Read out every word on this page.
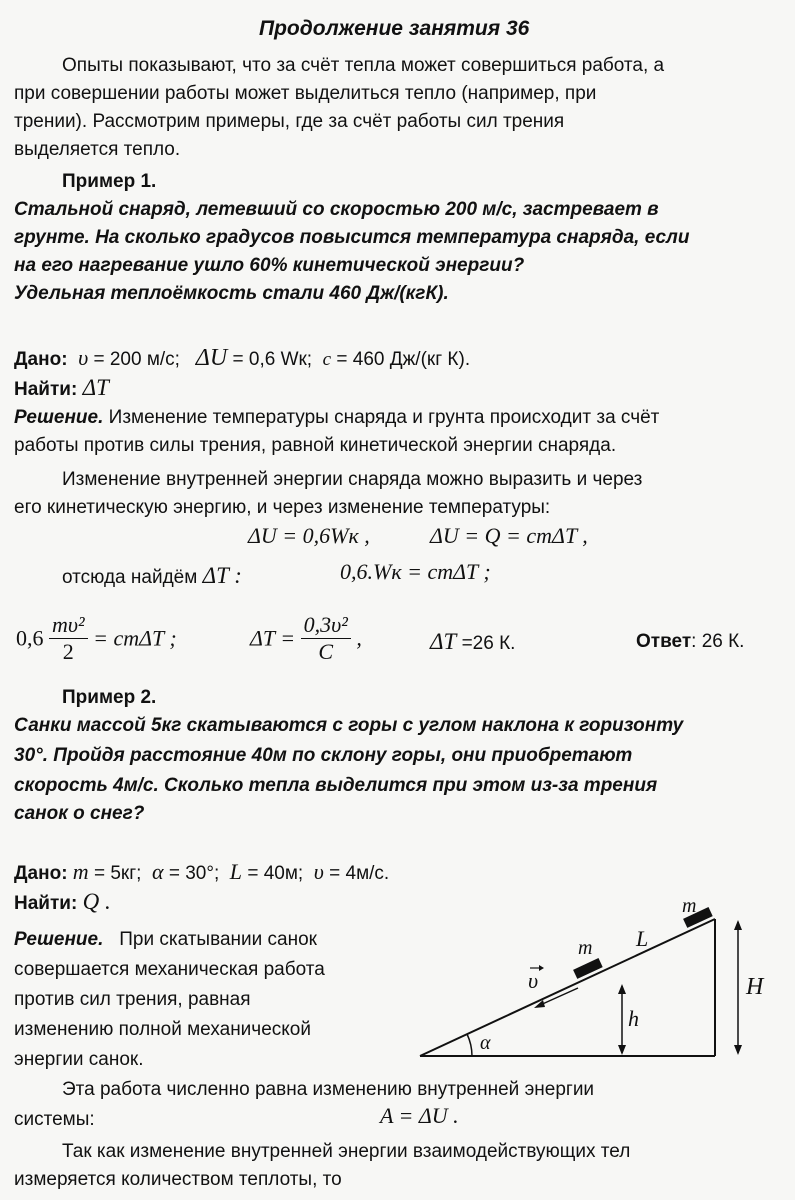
Продолжение занятия 36
Опыты показывают, что за счёт тепла может совершиться работа, а
при совершении работы может выделиться тепло (например, при
трении). Рассмотрим примеры, где за счёт работы сил трения
выделяется тепло.
Пример 1.
Стальной снаряд, летевший со скоростью 200 м/с, застревает в
грунте. На сколько градусов повысится температура снаряда, если
на его нагревание ушло 60% кинетической энергии?
Удельная теплоёмкость стали 460 Дж/(кгК).
Дано: υ = 200 м/с; ΔU = 0,6 Wк; c = 460 Дж/(кг К).
Найти: ΔT
Решение. Изменение температуры снаряда и грунта происходит за счёт
работы против силы трения, равной кинетической энергии снаряда.
Изменение внутренней энергии снаряда можно выразить и через
его кинетическую энергию, и через изменение температуры:
ΔU = 0,6Wк ,	ΔU = Q = cmΔT ,
отсюда найдём ΔT :	0,6.Wк = cmΔT ;
$0,6 \frac{\text{mυ²}}{2} = cm\Delta T$ ;	$\Delta T = \frac{\text{0,3υ²}}{C}$ ,	ΔT =26 К.	Ответ: 26 К.
Пример 2.
Санки массой 5кг скатываются с горы с углом наклона к горизонту
30°. Пройдя расстояние 40м по склону горы, они приобретают
скорость 4м/с. Сколько тепла выделится при этом из-за трения
санок о снег?
Дано: m = 5кг; α = 30°; L = 40м; υ = 4м/с.
Найти: Q .
Решение. При скатывании санок
совершается механическая работа
против сил трения, равная
изменению полной механической
энергии санок.
m
m L
υ	H
h
α
Эта работа численно равна изменению внутренней энергии
системы:	A = ΔU .
Так как изменение внутренней энергии взаимодействующих тел
измеряется количеством теплоты, то
